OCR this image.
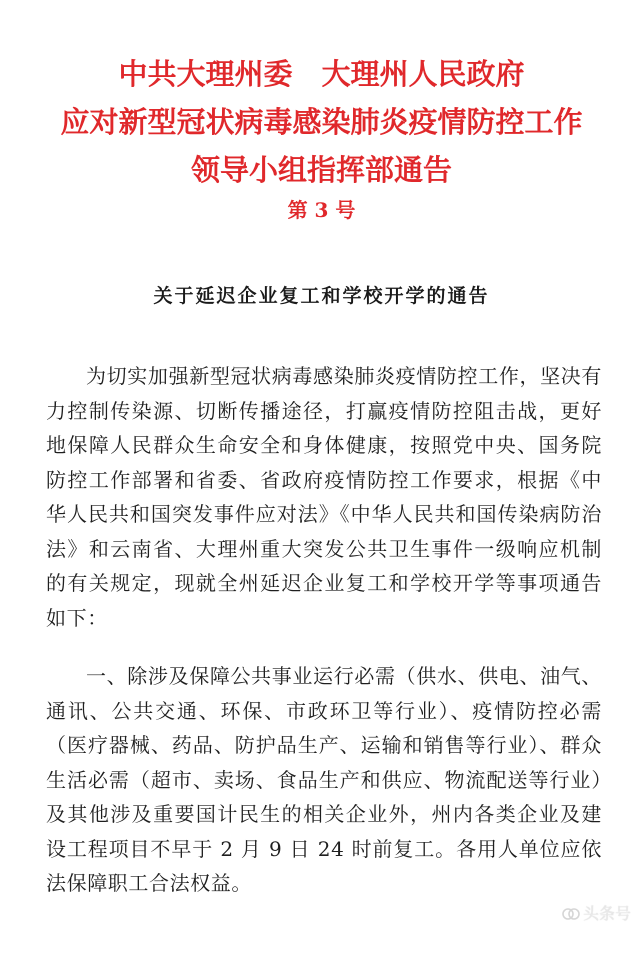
中共大理州委　大理州人民政府
应对新型冠状病毒感染肺炎疫情防控工作
领导小组指挥部通告
第 3 号
关于延迟企业复工和学校开学的通告

为切实加强新型冠状病毒感染肺炎疫情防控工作，坚决有力控制传染源、切断传播途径，打赢疫情防控阻击战，更好地保障人民群众生命安全和身体健康，按照党中央、国务院防控工作部署和省委、省政府疫情防控工作要求，根据《中华人民共和国突发事件应对法》《中华人民共和国传染病防治法》和云南省、大理州重大突发公共卫生事件一级响应机制的有关规定，现就全州延迟企业复工和学校开学等事项通告如下：

一、除涉及保障公共事业运行必需（供水、供电、油气、通讯、公共交通、环保、市政环卫等行业）、疫情防控必需（医疗器械、药品、防护品生产、运输和销售等行业）、群众生活必需（超市、卖场、食品生产和供应、物流配送等行业）及其他涉及重要国计民生的相关企业外，州内各类企业及建设工程项目不早于 2 月 9 日 24 时前复工。各用人单位应依法保障职工合法权益。

头条号
